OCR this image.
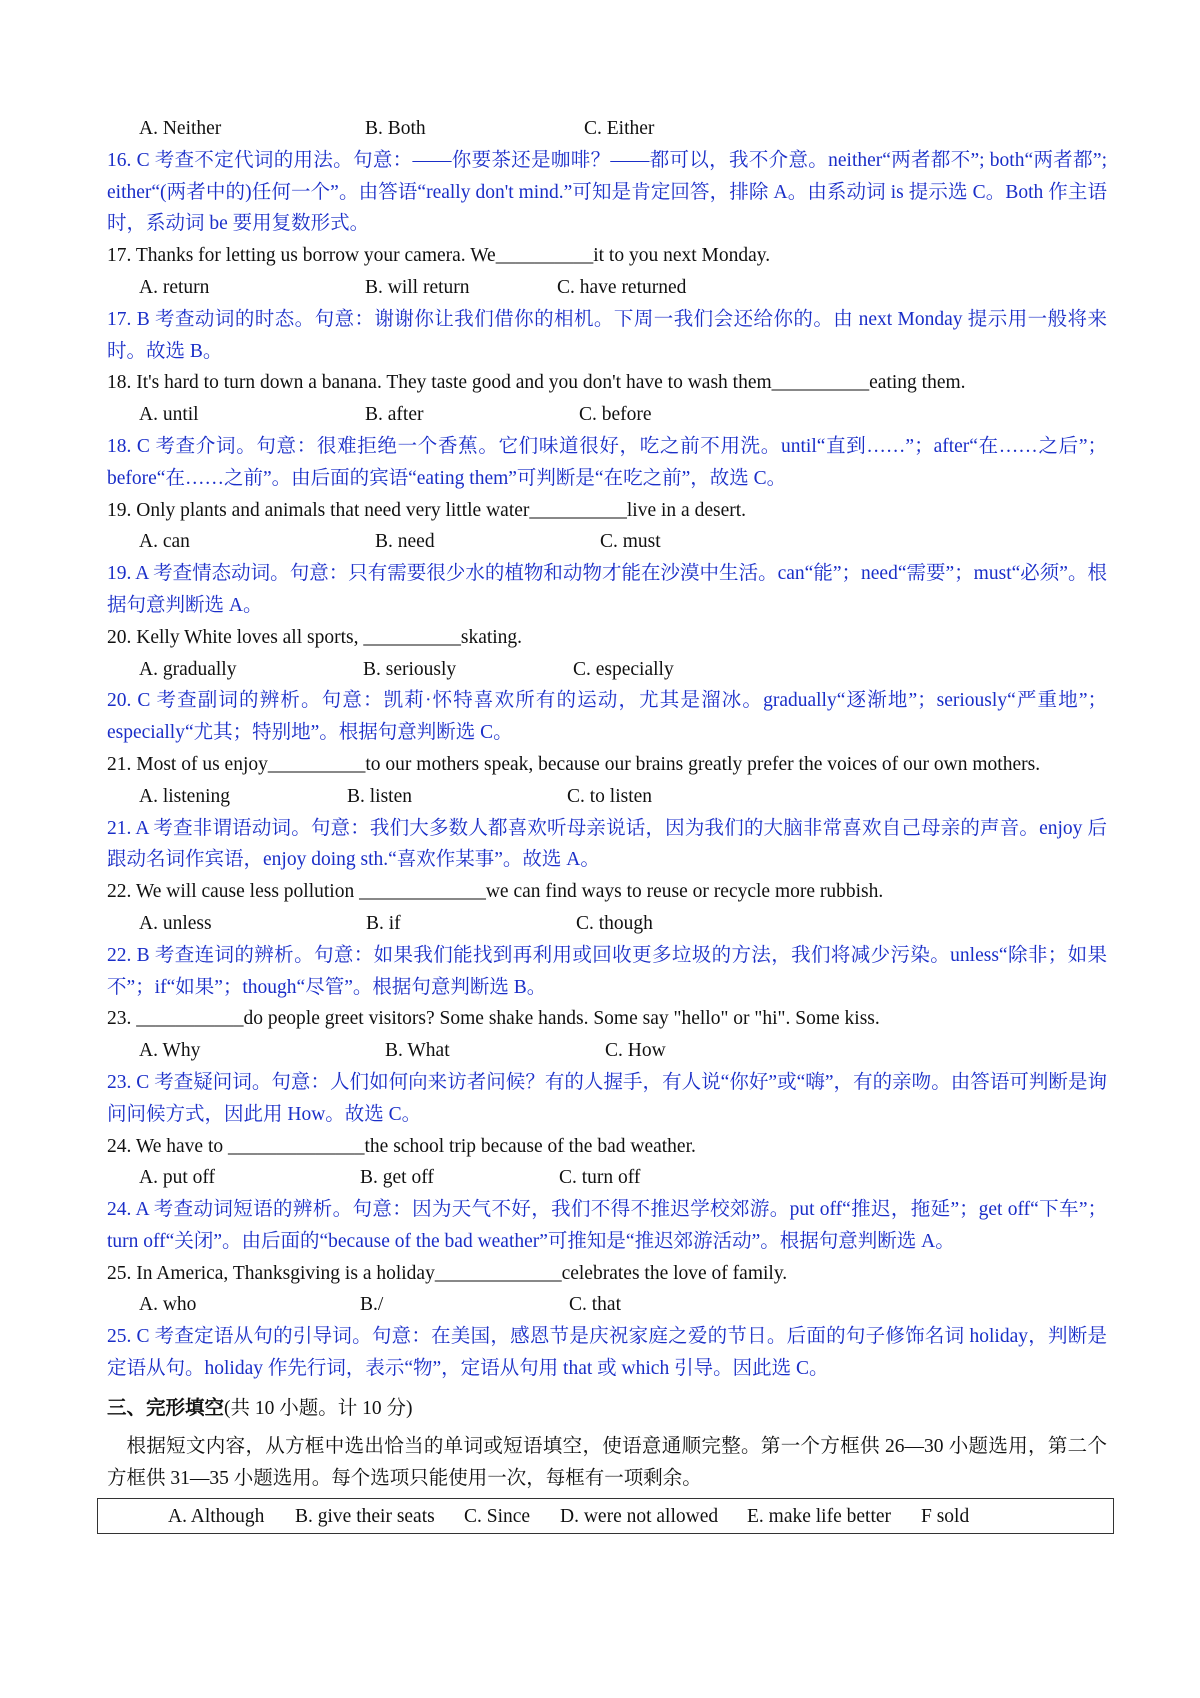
A. Neither	B. Both	C. Either
16. C 考查不定代词的用法。句意：——你要茶还是咖啡？——都可以，我不介意。neither“两者都不”; both“两者都”; either“(两者中的)任何一个”。由答语“really don't mind.”可知是肯定回答，排除 A。由系动词 is 提示选 C。Both 作主语时，系动词 be 要用复数形式。
17. Thanks for letting us borrow your camera. We__________it to you next Monday.
A. return	B. will return	C. have returned
17. B 考查动词的时态。句意：谢谢你让我们借你的相机。下周一我们会还给你的。由 next Monday 提示用一般将来时。故选 B。
18. It's hard to turn down a banana. They taste good and you don't have to wash them__________eating them.
A. until	B. after	C. before
18. C 考查介词。句意：很难拒绝一个香蕉。它们味道很好，吃之前不用洗。until“直到……”；after“在……之后”；before“在……之前”。由后面的宾语“eating them”可判断是“在吃之前”，故选 C。
19. Only plants and animals that need very little water__________live in a desert.
A. can	B. need	C. must
19. A 考查情态动词。句意：只有需要很少水的植物和动物才能在沙漠中生活。can“能”；need“需要”；must“必须”。根据句意判断选 A。
20. Kelly White loves all sports, __________skating.
A. gradually	B. seriously	C. especially
20. C 考查副词的辨析。句意：凯莉·怀特喜欢所有的运动，尤其是溜冰。gradually“逐渐地”；seriously“严重地”；especially“尤其；特别地”。根据句意判断选 C。
21. Most of us enjoy__________to our mothers speak, because our brains greatly prefer the voices of our own mothers.
A. listening	B. listen	C. to listen
21. A 考查非谓语动词。句意：我们大多数人都喜欢听母亲说话，因为我们的大脑非常喜欢自己母亲的声音。enjoy 后跟动名词作宾语，enjoy doing sth.“喜欢作某事”。故选 A。
22. We will cause less pollution _____________we can find ways to reuse or recycle more rubbish.
A. unless	B. if	C. though
22. B 考查连词的辨析。句意：如果我们能找到再利用或回收更多垃圾的方法，我们将减少污染。unless“除非；如果不”；if“如果”；though“尽管”。根据句意判断选 B。
23. ___________do people greet visitors? Some shake hands. Some say "hello" or "hi". Some kiss.
A. Why	B. What	C. How
23. C 考查疑问词。句意：人们如何向来访者问候？有的人握手，有人说“你好”或“嗨”，有的亲吻。由答语可判断是询问问候方式，因此用 How。故选 C。
24. We have to ______________the school trip because of the bad weather.
A. put off	B. get off	C. turn off
24. A 考查动词短语的辨析。句意：因为天气不好，我们不得不推迟学校郊游。put off“推迟，拖延”；get off“下车”；turn off“关闭”。由后面的“because of the bad weather”可推知是“推迟郊游活动”。根据句意判断选 A。
25. In America, Thanksgiving is a holiday_____________celebrates the love of family.
A. who	B./	C. that
25. C 考查定语从句的引导词。句意：在美国，感恩节是庆祝家庭之爱的节日。后面的句子修饰名词 holiday，判断是定语从句。holiday 作先行词，表示“物”，定语从句用 that 或 which 引导。因此选 C。
三、完形填空(共 10 小题。计 10 分)
根据短文内容，从方框中选出恰当的单词或短语填空，使语意通顺完整。第一个方框供 26—30 小题选用，第二个方框供 31—35 小题选用。每个选项只能使用一次，每框有一项剩余。
A. Although B. give their seats C. Since D. were not allowed E. make life better F sold
